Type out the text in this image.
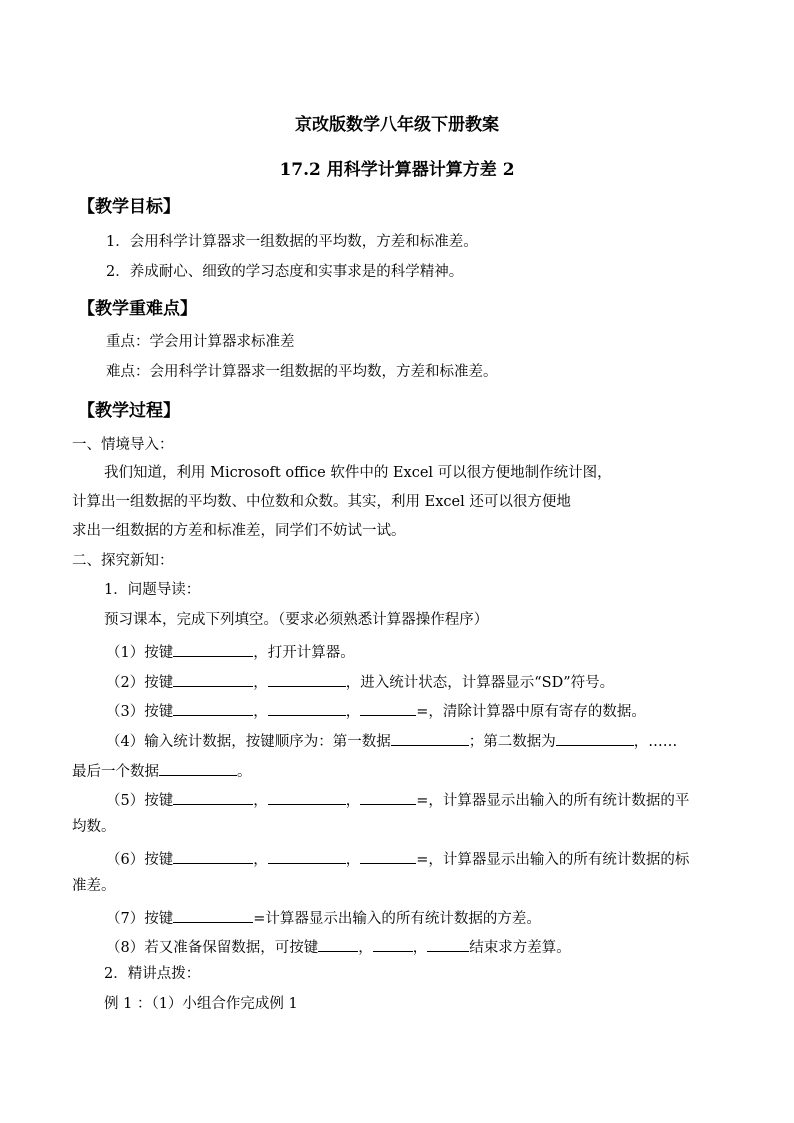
京改版数学八年级下册教案
17.2 用科学计算器计算方差 2
【教学目标】
1．会用科学计算器求一组数据的平均数，方差和标准差。
2．养成耐心、细致的学习态度和实事求是的科学精神。
【教学重难点】
重点：学会用计算器求标准差
难点：会用科学计算器求一组数据的平均数，方差和标准差。
【教学过程】
一、情境导入：
我们知道，利用 Microsoft office 软件中的 Excel 可以很方便地制作统计图，
计算出一组数据的平均数、中位数和众数。其实，利用 Excel 还可以很方便地
求出一组数据的方差和标准差，同学们不妨试一试。
二、探究新知：
1．问题导读：
预习课本，完成下列填空。（要求必须熟悉计算器操作程序）
（1）按键	，打开计算器。
（2）按键	，	，进入统计状态，计算器显示“SD”符号。
（3）按键	，	，	=，清除计算器中原有寄存的数据。
（4）输入统计数据，按键顺序为：第一数据	；第二数据为	，……
最后一个数据	。
（5）按键	，	，	=，计算器显示出输入的所有统计数据的平
均数。
（6）按键	，	，	=，计算器显示出输入的所有统计数据的标
准差。
（7）按键	=计算器显示出输入的所有统计数据的方差。
（8）若又准备保留数据，可按键	，	，	结束求方差算。
2．精讲点拨：
例 1 ：（1）小组合作完成例 1
